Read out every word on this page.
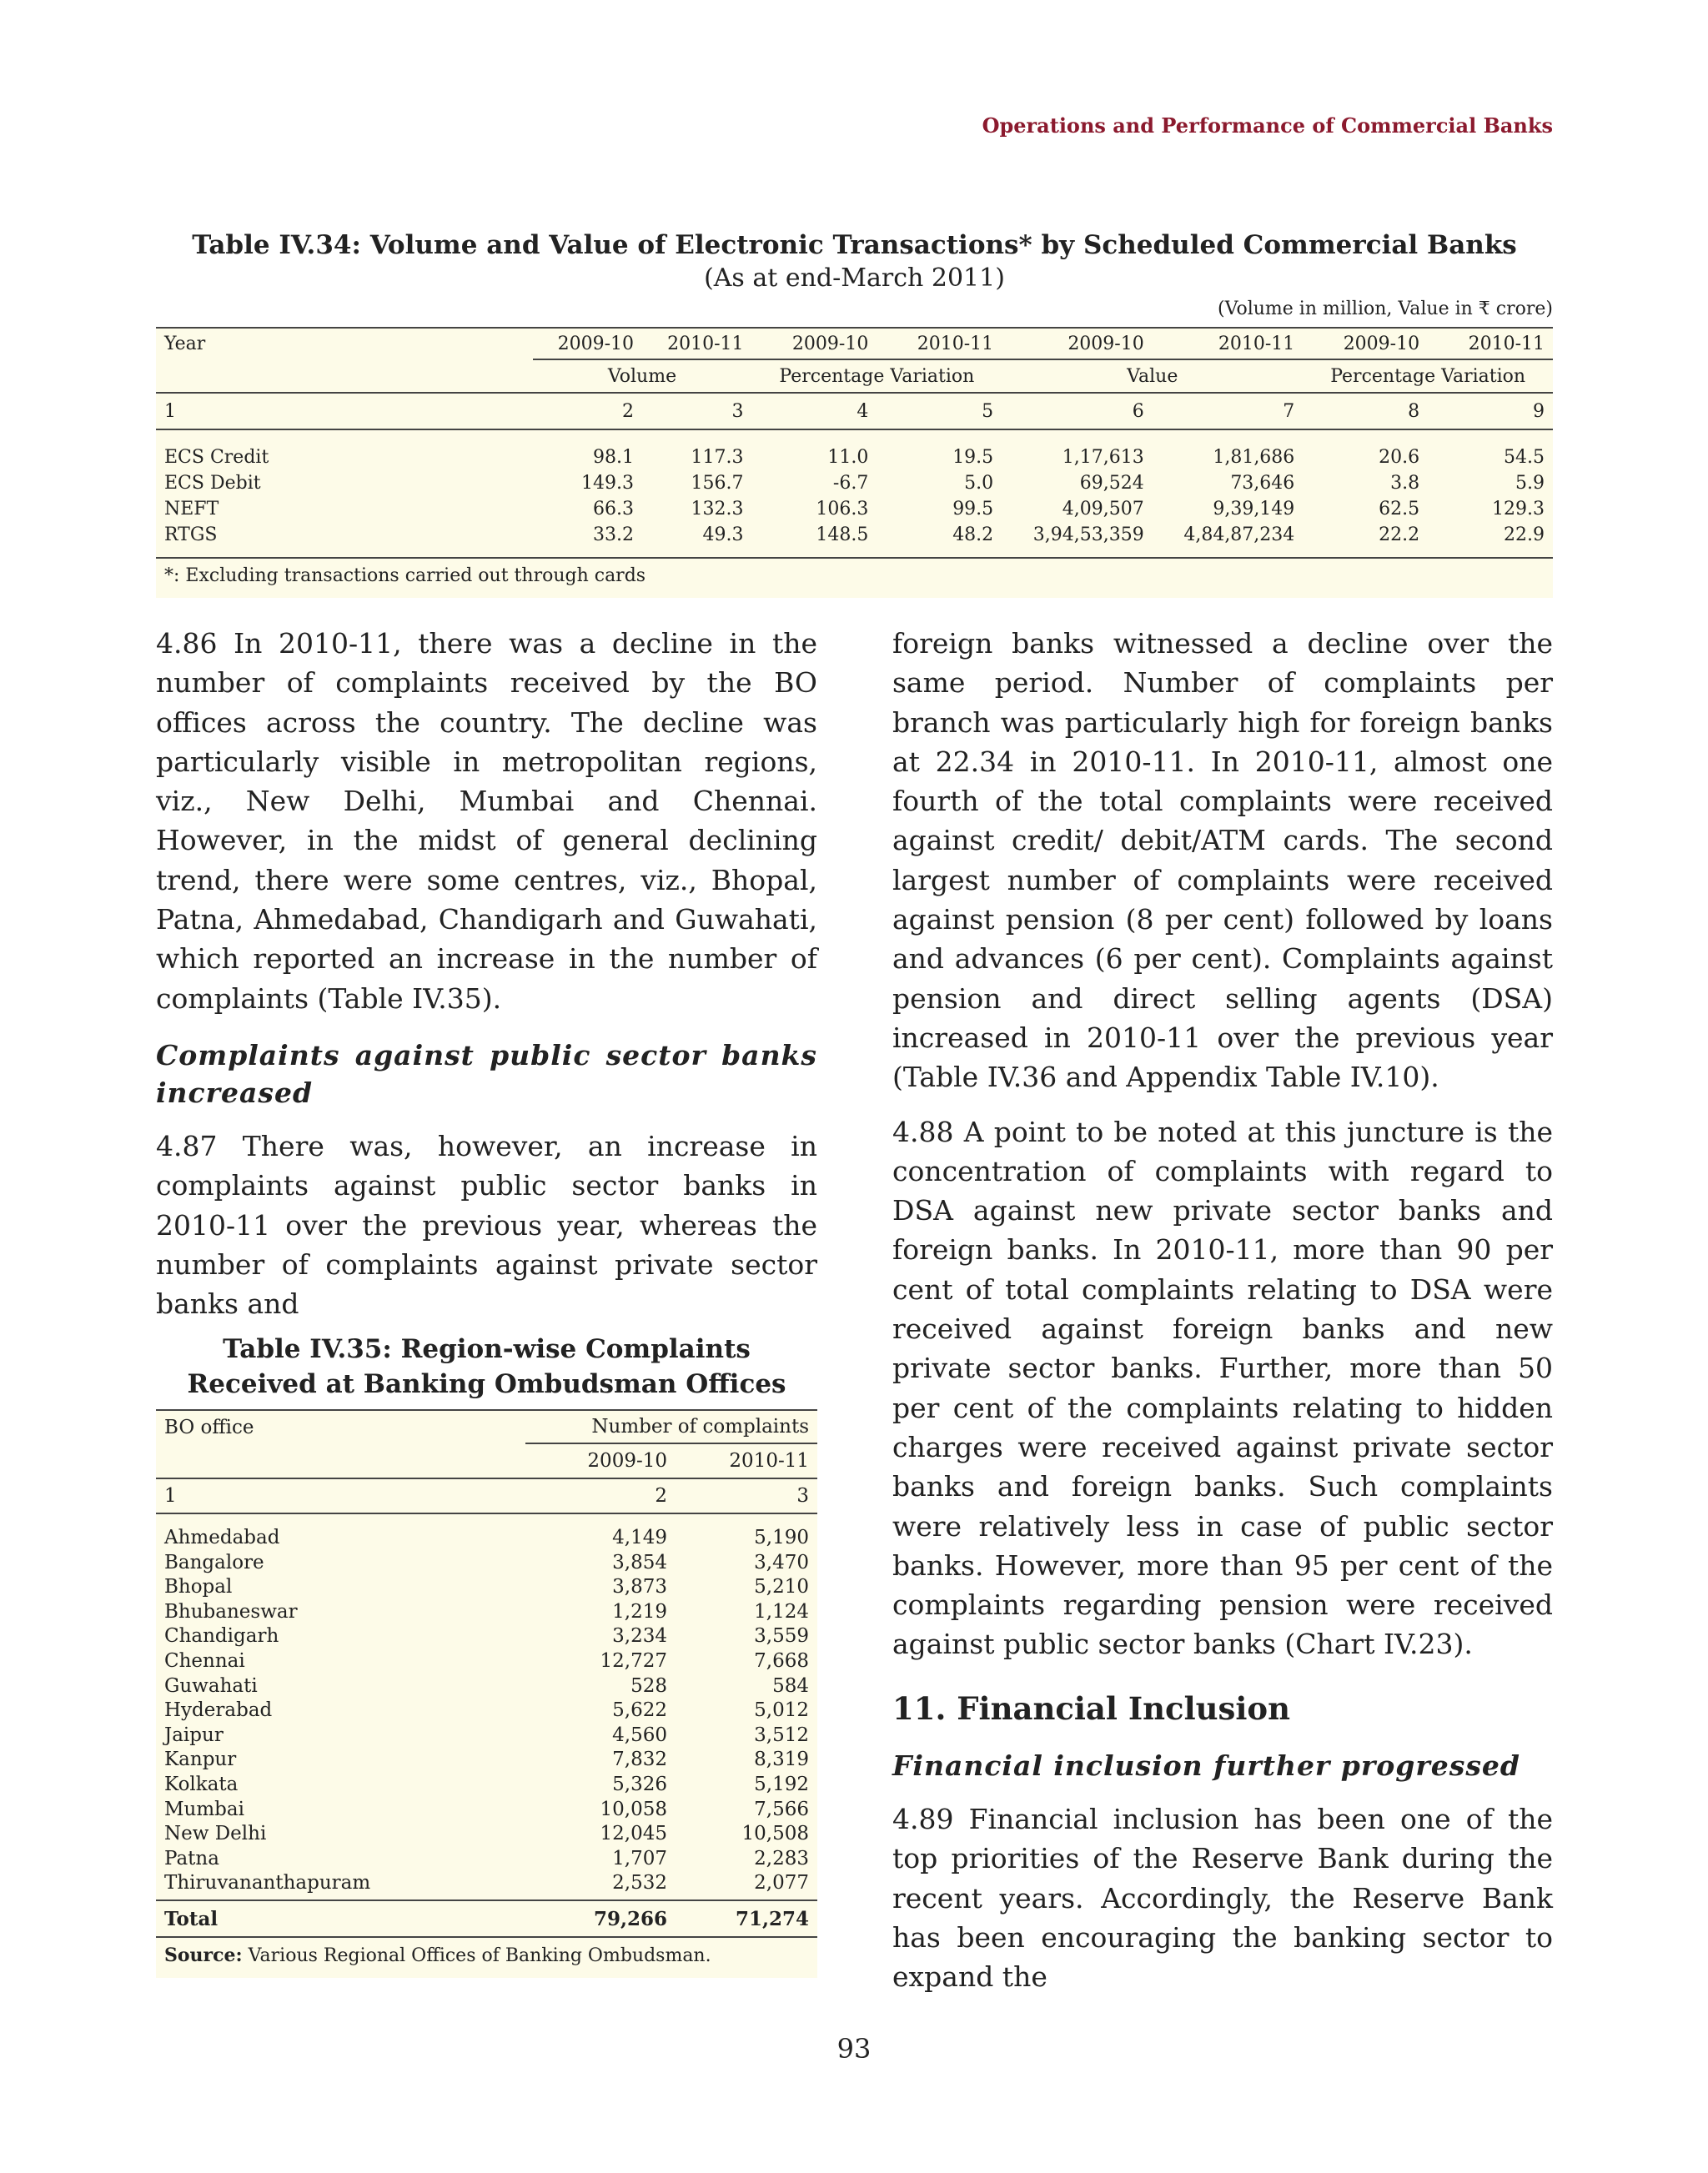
Operations and Performance of Commercial Banks
Table IV.34: Volume and Value of Electronic Transactions* by Scheduled Commercial Banks
(As at end-March 2011)
(Volume in million, Value in ₹ crore)
Year		2009-10	2010-11	2009-10	2010-11	2009-10	2010-11	2009-10	2010-11
		Volume		Percentage Variation		Value		Percentage Variation	
1		2	3	4	5	6	7	8	9
ECS Credit		98.1	117.3	11.0	19.5	1,17,613	1,81,686	20.6	54.5
ECS Debit		149.3	156.7	-6.7	5.0	69,524	73,646	3.8	5.9
NEFT		66.3	132.3	106.3	99.5	4,09,507	9,39,149	62.5	129.3
RTGS		33.2	49.3	148.5	48.2	3,94,53,359	4,84,87,234	22.2	22.9

*: Excluding transactions carried out through cards

4.86 In 2010-11, there was a decline in the number of complaints received by the BO offices across the country. The decline was particularly visible in metropolitan regions, viz., New Delhi, Mumbai and Chennai. However, in the midst of general declining trend, there were some centres, viz., Bhopal, Patna, Ahmedabad, Chandigarh and Guwahati, which reported an increase in the number of complaints (Table IV.35).

Complaints against public sector banks increased

4.87 There was, however, an increase in complaints against public sector banks in 2010-11 over the previous year, whereas the number of complaints against private sector banks and

Table IV.35: Region-wise Complaints Received at Banking Ombudsman Offices
BO office	Number of complaints	
	2009-10	2010-11
1	2	3
Ahmedabad	4,149	5,190
Bangalore	3,854	3,470
Bhopal	3,873	5,210
Bhubaneswar	1,219	1,124
Chandigarh	3,234	3,559
Chennai	12,727	7,668
Guwahati	528	584
Hyderabad	5,622	5,012
Jaipur	4,560	3,512
Kanpur	7,832	8,319
Kolkata	5,326	5,192
Mumbai	10,058	7,566
New Delhi	12,045	10,508
Patna	1,707	2,283
Thiruvananthapuram	2,532	2,077

Total	79,266	71,274
Source: Various Regional Offices of Banking Ombudsman.

foreign banks witnessed a decline over the same period. Number of complaints per branch was particularly high for foreign banks at 22.34 in 2010-11. In 2010-11, almost one fourth of the total complaints were received against credit/ debit/ATM cards. The second largest number of complaints were received against pension (8 per cent) followed by loans and advances (6 per cent). Complaints against pension and direct selling agents (DSA) increased in 2010-11 over the previous year (Table IV.36 and Appendix Table IV.10).

4.88 A point to be noted at this juncture is the concentration of complaints with regard to DSA against new private sector banks and foreign banks. In 2010-11, more than 90 per cent of total complaints relating to DSA were received against foreign banks and new private sector banks. Further, more than 50 per cent of the complaints relating to hidden charges were received against private sector banks and foreign banks. Such complaints were relatively less in case of public sector banks. However, more than 95 per cent of the complaints regarding pension were received against public sector banks (Chart IV.23).

11. Financial Inclusion
Financial inclusion further progressed

4.89 Financial inclusion has been one of the top priorities of the Reserve Bank during the recent years. Accordingly, the Reserve Bank has been encouraging the banking sector to expand the

93
